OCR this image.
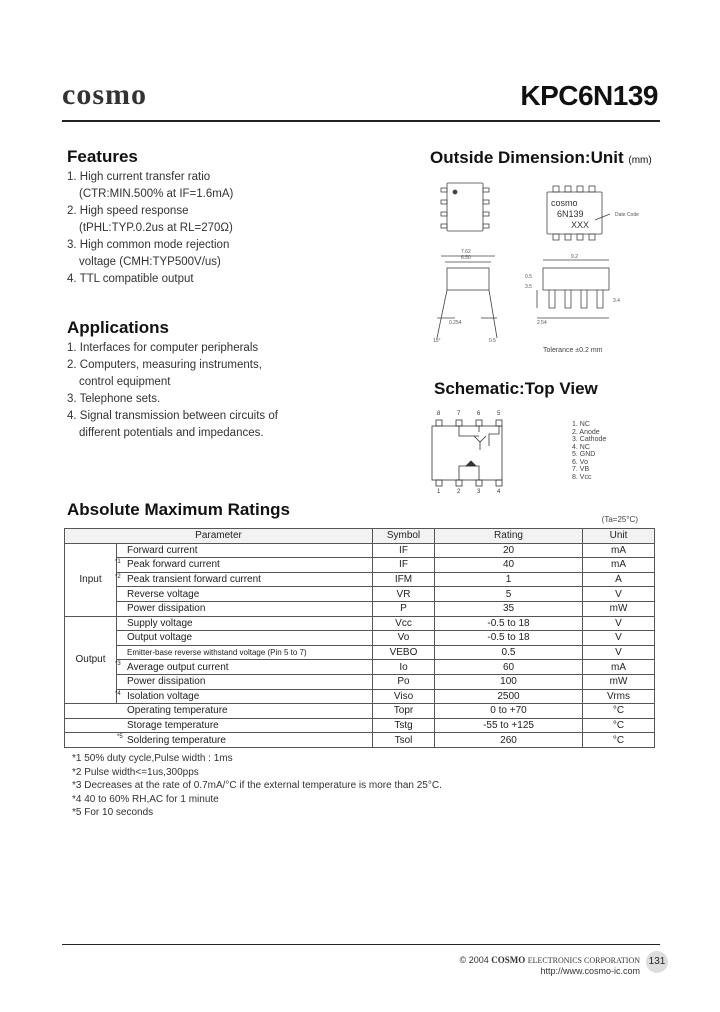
cosmo	KPC6N139
Features
1. High current transfer ratio
(CTR:MIN.500% at IF=1.6mA)
2. High speed response
(tPHL:TYP.0.2us at RL=270Ω)
3. High common mode rejection
voltage (CMH:TYP500V/us)
4. TTL compatible output
Applications
1. Interfaces for computer peripherals
2. Computers, measuring instruments,
control equipment
3. Telephone sets.
4. Signal transmission between circuits of
different potentials and impedances.
Outside Dimension:Unit (mm)
7.62
6.50	9.2
0.254	2.54
15°
0.5
3.5
3.4
0.5
Date Code
cosmo
6N139
XXX
Tolerance ±0.2 mm
Schematic:Top View
8	7	6	5
1	2	3	4
1. NC
2. Anode
3. Cathode
4. NC
5. GND
6. Vo
7. VB
8. Vcc
Absolute Maximum Ratings
(Ta=25°C)
Parameter		Symbol	Rating	Unit
Input	Forward current	IF	20	mA

	*1 Peak forward current	IF	40	mA

	*2 Peak transient forward current	IFM	1	A

Reverse voltage	VR	5	V

Power dissipation	P	35	mW
Output	Supply voltage	Vcc	-0.5 to 18	V

Output voltage	Vo	-0.5 to 18	V

Emitter-base reverse withstand voltage (Pin 5 to 7)	VEBO	0.5	V

	*3 Average output current	Io	60	mA

Power dissipation	Po	100	mW

	*4 Isolation voltage	Viso	2500	Vrms
Operating temperature		Topr	0 to +70	°C
Storage temperature		Tstg	-55 to +125	°C

*5 Soldering temperature		Tsol	260	°C
*1 50% duty cycle,Pulse width : 1ms
*2 Pulse width<=1us,300pps
*3 Decreases at the rate of 0.7mA/°C if the external temperature is more than 25°C.
*4 40 to 60% RH,AC for 1 minute
*5 For 10 seconds
© 2004 COSMO ELECTRONICS CORPORATION
http://www.cosmo-ic.com
131
